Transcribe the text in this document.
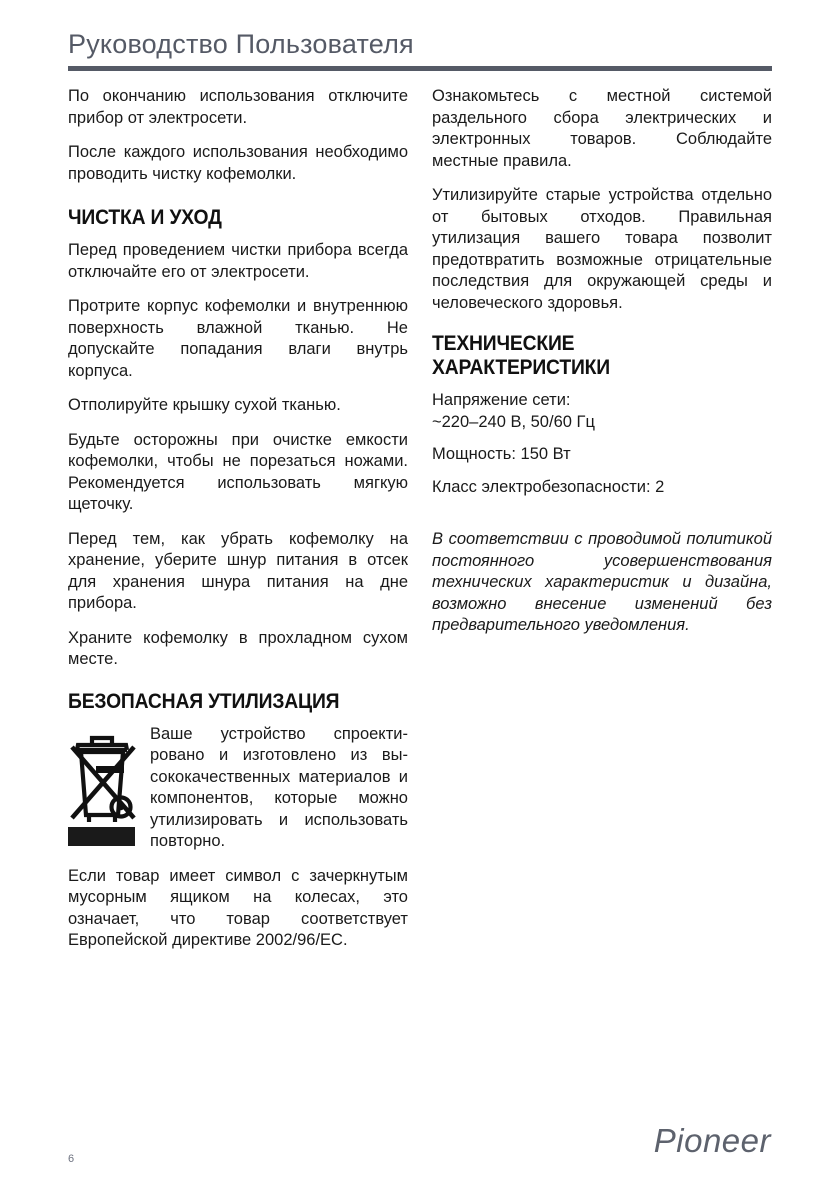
Руководство Пользователя

По окончанию использования отключите прибор от электросети.

После каждого использования необходимо проводить чистку кофемолки.

ЧИСТКА И УХОД

Перед проведением чистки прибора всегда отключайте его от электросети.

Протрите корпус кофемолки и внутреннюю поверхность влажной тканью. Не допускайте попадания влаги внутрь корпуса.

Отполируйте крышку сухой тканью.

Будьте осторожны при очистке емкости кофемолки, чтобы не порезаться ножами. Рекомендуется использовать мягкую щеточку.

Перед тем, как убрать кофемолку на хранение, уберите шнур питания в отсек для хранения шнура питания на дне прибора.

Храните кофемолку в прохладном сухом месте.

БЕЗОПАСНАЯ УТИЛИЗАЦИЯ

Ваше устройство спроектировано и изготовлено из высококачественных материалов и компонентов, которые можно утилизировать и использовать повторно.

Если товар имеет символ с зачеркнутым мусорным ящиком на колесах, это означает, что товар соответствует Европейской директиве 2002/96/EC.

Ознакомьтесь с местной системой раздельного сбора электрических и электронных товаров. Соблюдайте местные правила.

Утилизируйте старые устройства отдельно от бытовых отходов. Правильная утилизация вашего товара позволит предотвратить возможные отрицательные последствия для окружающей среды и человеческого здоровья.

ТЕХНИЧЕСКИЕ
ХАРАКТЕРИСТИКИ
Напряжение сети:
~220–240 В, 50/60 Гц
Мощность: 150 Вт
Класс электробезопасности: 2

В соответствии с проводимой политикой постоянного усовершенствования технических характеристик и дизайна, возможно внесение изменений без предварительного уведомления.

6	Pioneer
